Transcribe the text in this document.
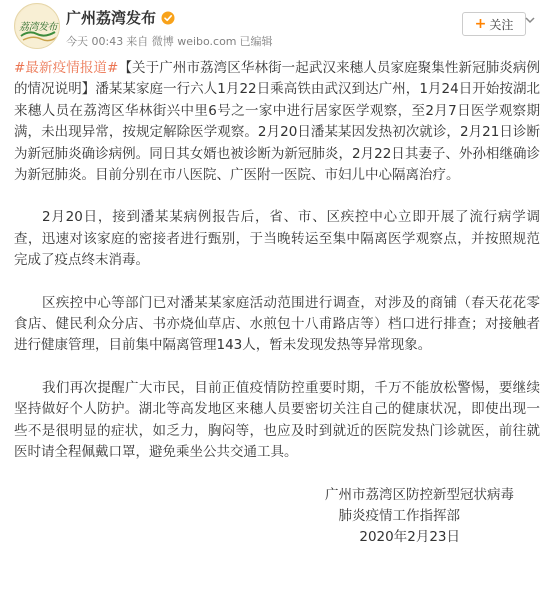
荔湾发布
广州荔湾发布
今天 00:43 来自 微博 weibo.com 已编辑
+ 关注

#最新疫情报道#【关于广州市荔湾区华林街一起武汉来穗人员家庭聚集性新冠肺炎病例的情况说明】潘某某家庭一行六人1月22日乘高铁由武汉到达广州，1月24日开始按湖北来穗人员在荔湾区华林街兴中里6号之一家中进行居家医学观察，至2月7日医学观察期满，未出现异常，按规定解除医学观察。2月20日潘某某因发热初次就诊，2月21日诊断为新冠肺炎确诊病例。同日其女婿也被诊断为新冠肺炎，2月22日其妻子、外孙相继确诊为新冠肺炎。目前分别在市八医院、广医附一医院、市妇儿中心隔离治疗。

2月20日，接到潘某某病例报告后，省、市、区疾控中心立即开展了流行病学调查，迅速对该家庭的密接者进行甄别，于当晚转运至集中隔离医学观察点，并按照规范完成了疫点终末消毒。

区疾控中心等部门已对潘某某家庭活动范围进行调查，对涉及的商铺（春天花花零食店、健民利众分店、书亦烧仙草店、水煎包十八甫路店等）档口进行排查；对接触者进行健康管理，目前集中隔离管理143人，暂未发现发热等异常现象。

我们再次提醒广大市民，目前正值疫情防控重要时期，千万不能放松警惕，要继续坚持做好个人防护。湖北等高发地区来穗人员要密切关注自己的健康状况，即使出现一些不是很明显的症状，如乏力，胸闷等，也应及时到就近的医院发热门诊就医，前往就医时请全程佩戴口罩，避免乘坐公共交通工具。

广州市荔湾区防控新型冠状病毒
肺炎疫情工作指挥部
2020年2月23日
